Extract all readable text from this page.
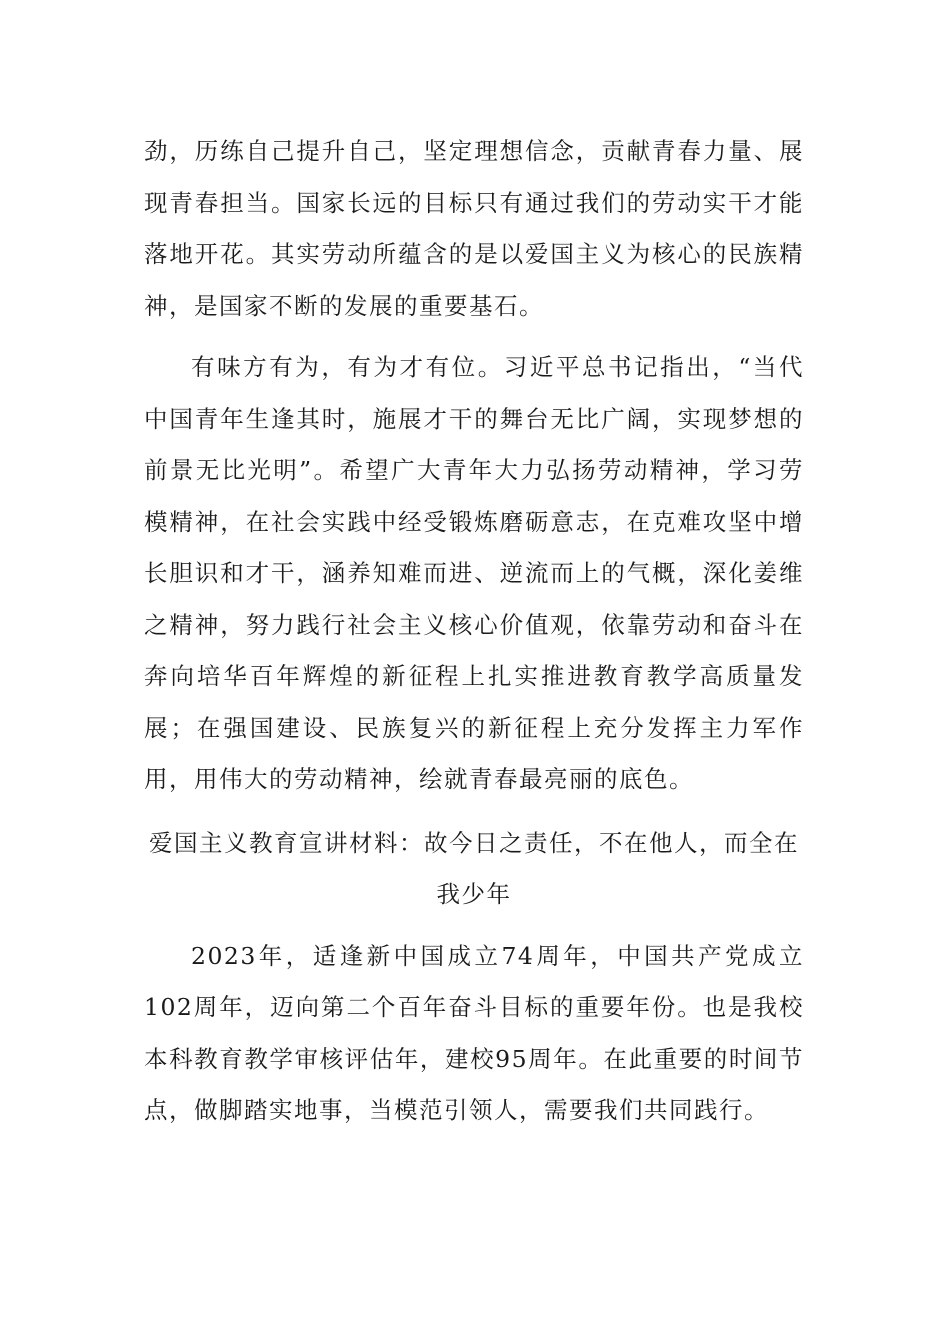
劲，历练自己提升自己，坚定理想信念，贡献青春力量、展现青春担当。国家长远的目标只有通过我们的劳动实干才能落地开花。其实劳动所蕴含的是以爱国主义为核心的民族精神，是国家不断的发展的重要基石。

有味方有为，有为才有位。习近平总书记指出，“当代中国青年生逢其时，施展才干的舞台无比广阔，实现梦想的前景无比光明”。希望广大青年大力弘扬劳动精神，学习劳模精神，在社会实践中经受锻炼磨砺意志，在克难攻坚中增长胆识和才干，涵养知难而进、逆流而上的气概，深化姜维之精神，努力践行社会主义核心价值观，依靠劳动和奋斗在奔向培华百年辉煌的新征程上扎实推进教育教学高质量发展；在强国建设、民族复兴的新征程上充分发挥主力军作用，用伟大的劳动精神，绘就青春最亮丽的底色。

爱国主义教育宣讲材料：故今日之责任，不在他人，而全在我少年

2023年，适逢新中国成立74周年，中国共产党成立102周年，迈向第二个百年奋斗目标的重要年份。也是我校本科教育教学审核评估年，建校95周年。在此重要的时间节点，做脚踏实地事，当模范引领人，需要我们共同践行。
